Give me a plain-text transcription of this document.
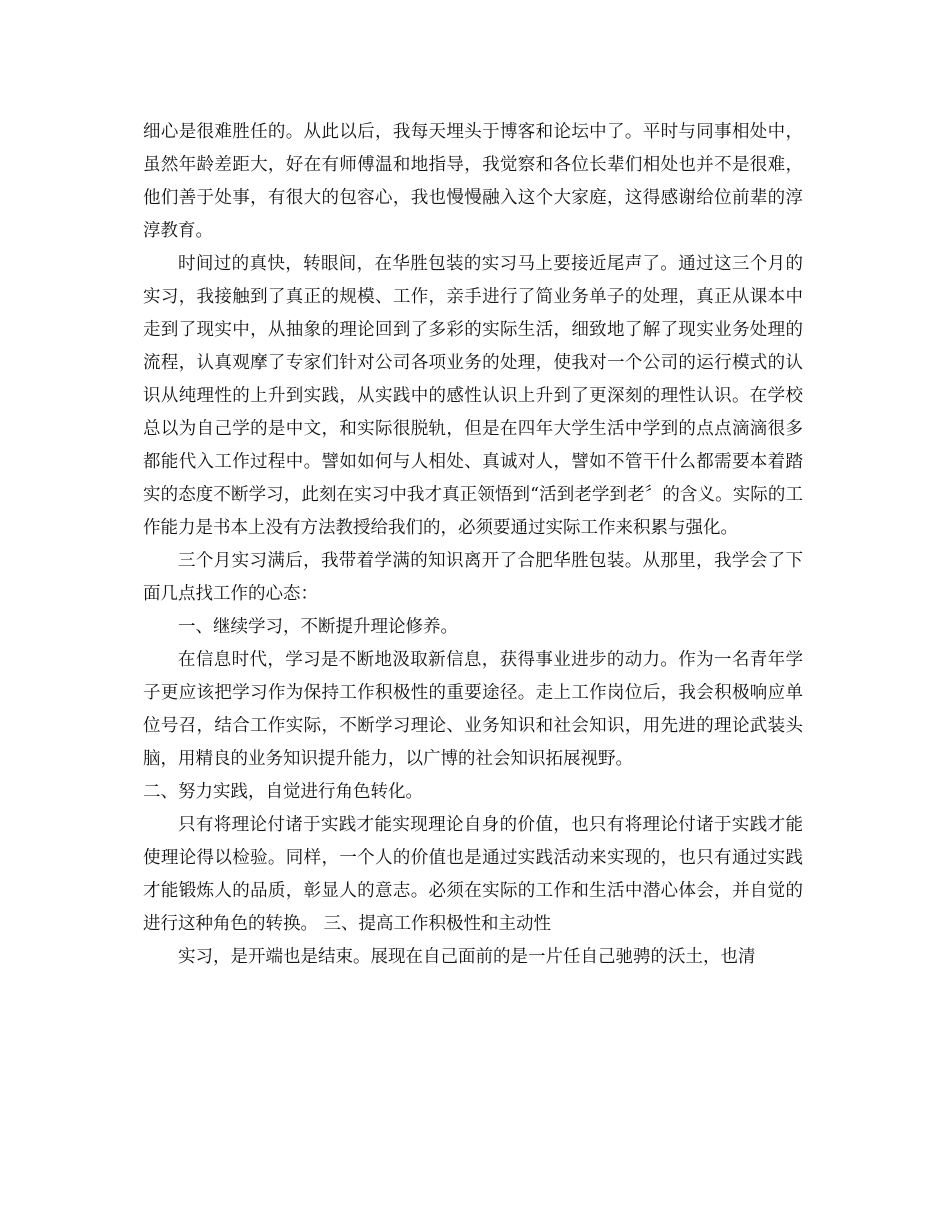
细心是很难胜任的。从此以后，我每天埋头于博客和论坛中了。平时与同事相处中，虽然年龄差距大，好在有师傅温和地指导，我觉察和各位长辈们相处也并不是很难，他们善于处事，有很大的包容心，我也慢慢融入这个大家庭，这得感谢给位前辈的淳淳教育。

时间过的真快，转眼间，在华胜包装的实习马上要接近尾声了。通过这三个月的实习，我接触到了真正的规模、工作，亲手进行了简业务单子的处理，真正从课本中走到了现实中，从抽象的理论回到了多彩的实际生活，细致地了解了现实业务处理的流程，认真观摩了专家们针对公司各项业务的处理，使我对一个公司的运行模式的认识从纯理性的上升到实践，从实践中的感性认识上升到了更深刻的理性认识。在学校总以为自己学的是中文，和实际很脱轨，但是在四年大学生活中学到的点点滴滴很多都能代入工作过程中。譬如如何与人相处、真诚对人，譬如不管干什么都需要本着踏实的态度不断学习，此刻在实习中我才真正领悟到“活到老学到老〞的含义。实际的工作能力是书本上没有方法教授给我们的，必须要通过实际工作来积累与强化。

三个月实习满后，我带着学满的知识离开了合肥华胜包装。从那里，我学会了下面几点找工作的心态：

一、继续学习，不断提升理论修养。

在信息时代，学习是不断地汲取新信息，获得事业进步的动力。作为一名青年学子更应该把学习作为保持工作积极性的重要途径。走上工作岗位后，我会积极响应单位号召，结合工作实际，不断学习理论、业务知识和社会知识，用先进的理论武装头脑，用精良的业务知识提升能力，以广博的社会知识拓展视野。

二、努力实践，自觉进行角色转化。

只有将理论付诸于实践才能实现理论自身的价值，也只有将理论付诸于实践才能使理论得以检验。同样，一个人的价值也是通过实践活动来实现的，也只有通过实践才能锻炼人的品质，彰显人的意志。必须在实际的工作和生活中潜心体会，并自觉的进行这种角色的转换。 三、提高工作积极性和主动性

实习，是开端也是结束。展现在自己面前的是一片任自己驰骋的沃土，也清
